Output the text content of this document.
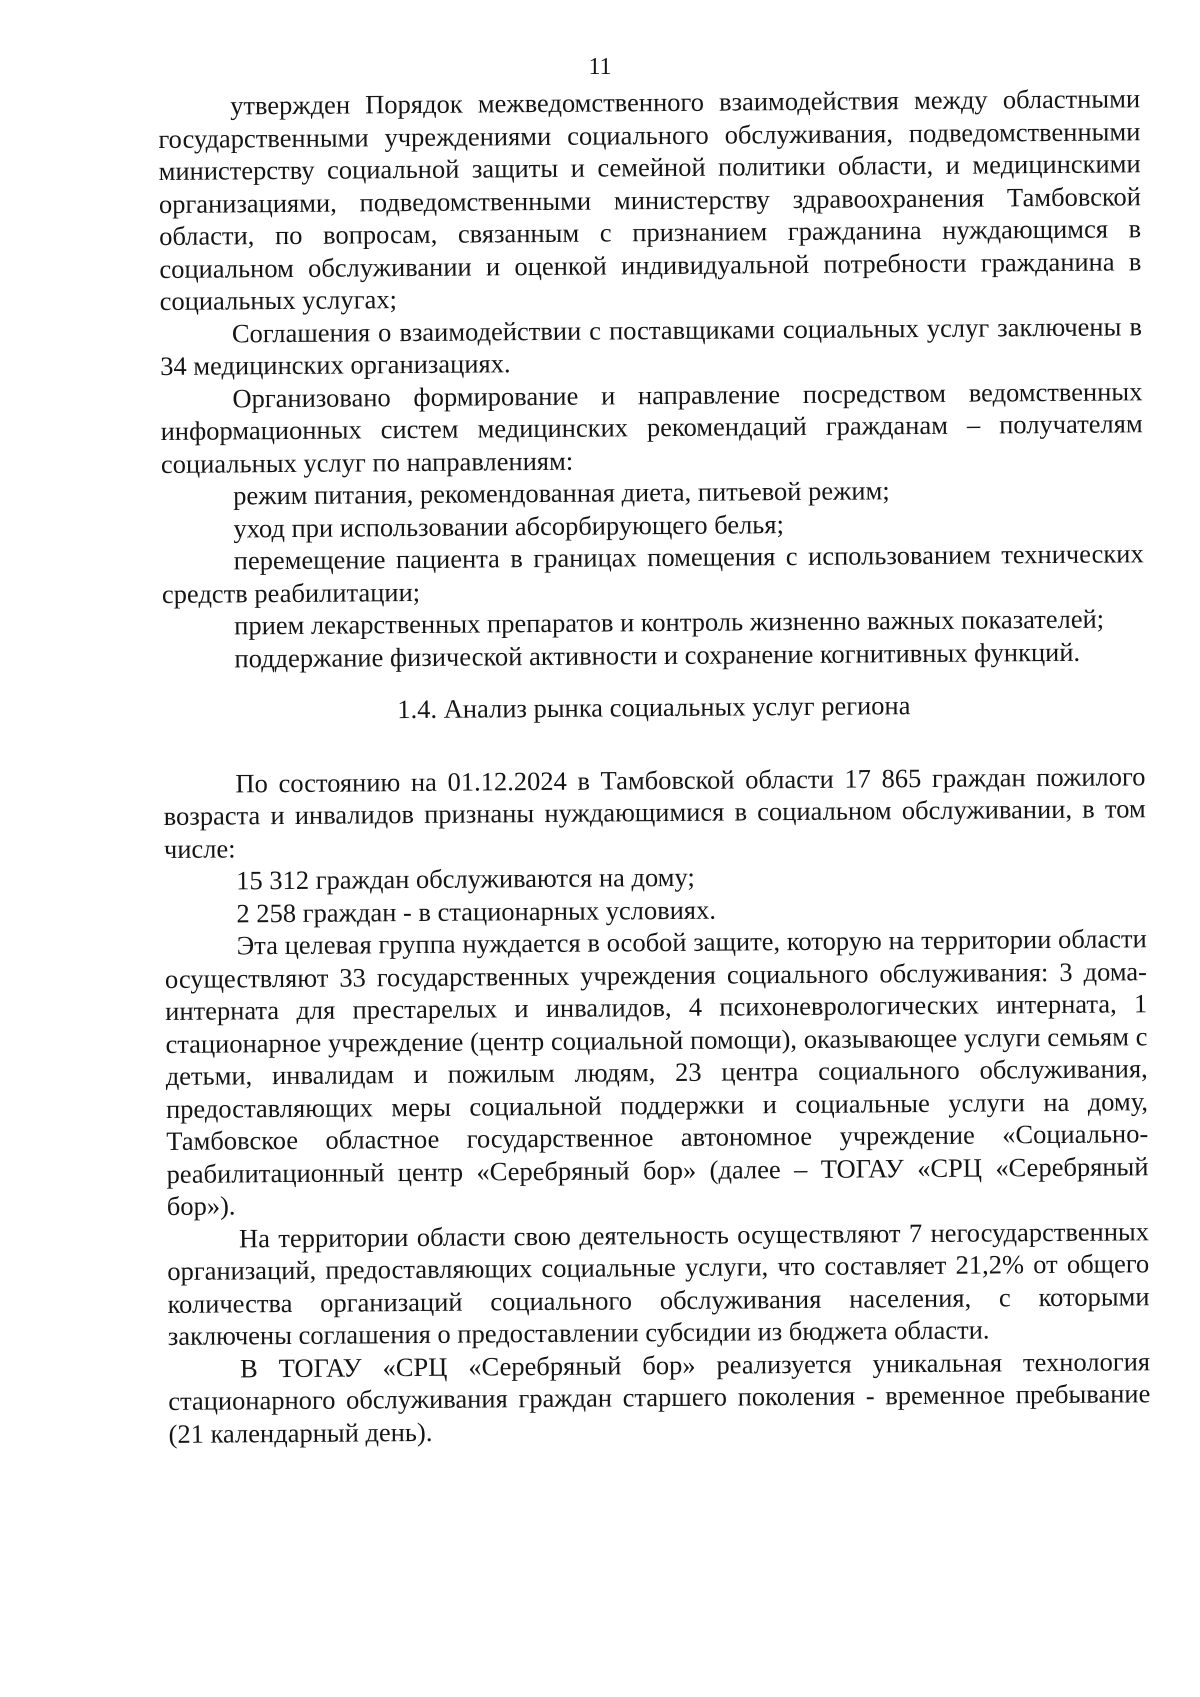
11

утвержден Порядок межведомственного взаимодействия между областными государственными учреждениями социального обслуживания, подведомственными министерству социальной защиты и семейной политики области, и медицинскими организациями, подведомственными министерству здравоохранения Тамбовской области, по вопросам, связанным с признанием гражданина нуждающимся в социальном обслуживании и оценкой индивидуальной потребности гражданина в социальных услугах;

Соглашения о взаимодействии с поставщиками социальных услуг заключены в 34 медицинских организациях.

Организовано формирование и направление посредством ведомственных информационных систем медицинских рекомендаций гражданам – получателям социальных услуг по направлениям:

режим питания, рекомендованная диета, питьевой режим;

уход при использовании абсорбирующего белья;

перемещение пациента в границах помещения с использованием технических средств реабилитации;

прием лекарственных препаратов и контроль жизненно важных показателей;

поддержание физической активности и сохранение когнитивных функций.

1.4. Анализ рынка социальных услуг региона

По состоянию на 01.12.2024 в Тамбовской области 17 865 граждан пожилого возраста и инвалидов признаны нуждающимися в социальном обслуживании, в том числе:

15 312 граждан обслуживаются на дому;

2 258 граждан - в стационарных условиях.

Эта целевая группа нуждается в особой защите, которую на территории области осуществляют 33 государственных учреждения социального обслуживания: 3 дома-интерната для престарелых и инвалидов, 4 психоневрологических интерната, 1 стационарное учреждение (центр социальной помощи), оказывающее услуги семьям с детьми, инвалидам и пожилым людям, 23 центра социального обслуживания, предоставляющих меры социальной поддержки и социальные услуги на дому, Тамбовское областное государственное автономное учреждение «Социально-реабилитационный центр «Серебряный бор» (далее – ТОГАУ «СРЦ «Серебряный бор»).

На территории области свою деятельность осуществляют 7 негосударственных организаций, предоставляющих социальные услуги, что составляет 21,2% от общего количества организаций социального обслуживания населения, с которыми заключены соглашения о предоставлении субсидии из бюджета области.

В ТОГАУ «СРЦ «Серебряный бор» реализуется уникальная технология стационарного обслуживания граждан старшего поколения - временное пребывание (21 календарный день).
